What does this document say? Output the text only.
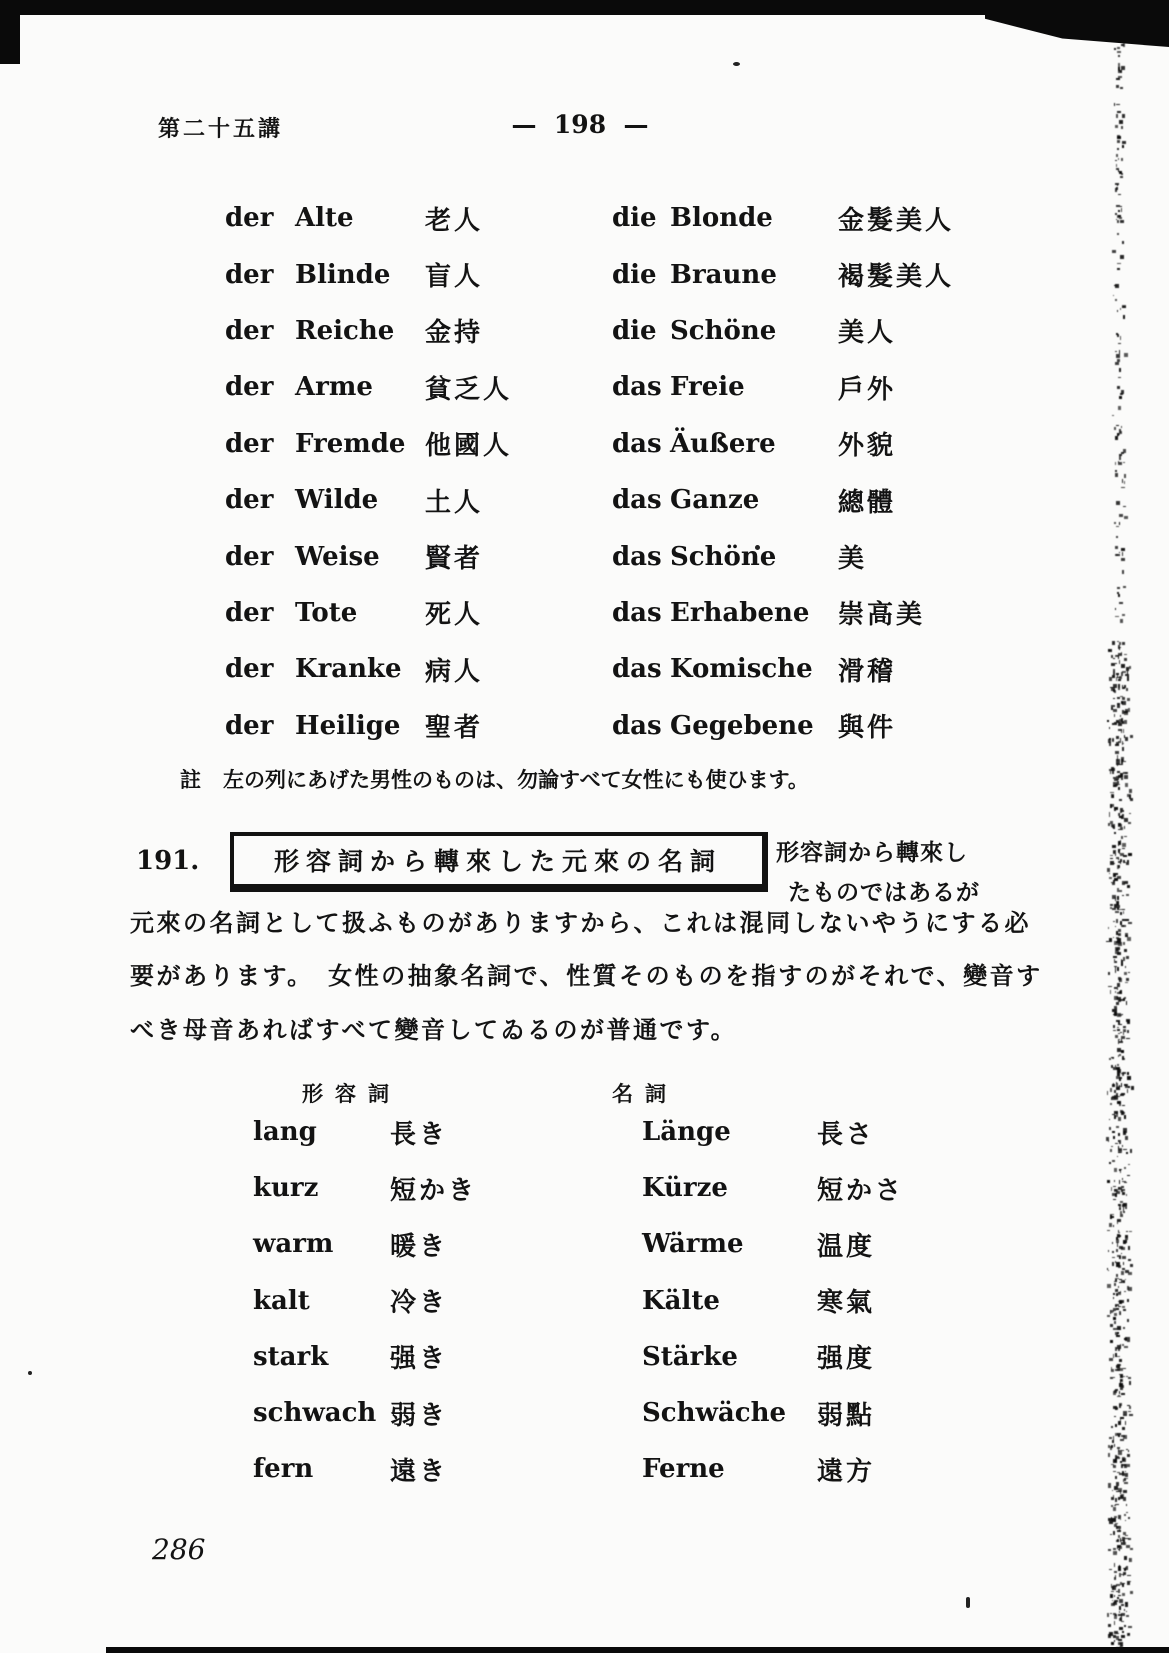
第二十五講	—  198  —
der Alte	老人	die Blonde	金髮美人
der Blinde	盲人	die Braune	褐髮美人
der Reiche	金持	die Schöne	美人
der Arme	貧乏人	das Freie	戶外
der Fremde 他國人	das Äußere	外貌
der Wilde	土人	das Ganze	總體
der Weise	賢者	das Schöne	美
der Tote	死人	das Erhabene	崇高美
der Kranke 病人	das Komische 滑稽
der Heilige 聖者	das Gegebene 與件
註 左の列にあげた男性のものは、勿論すべて女性にも使ひます。
191.	形容詞から轉來した元來の名詞 形容詞から轉來し
たものではあるが
元來の名詞として扱ふものがありますから、これは混同しないやうにする必
要があります。　女性の抽象名詞で、性質そのものを指すのがそれで、變音す
べき母音あればすべて變音してゐるのが普通です。
形容詞	名詞
lang	長き	Länge	長さ
kurz	短かき	Kürze	短かさ
warm	暖き	Wärme	温度
kalt	冷き	Kälte	寒氣
stark	强き	Stärke	强度
schwach 弱き	Schwäche	弱點
fern	遠き	Ferne	遠方
286
